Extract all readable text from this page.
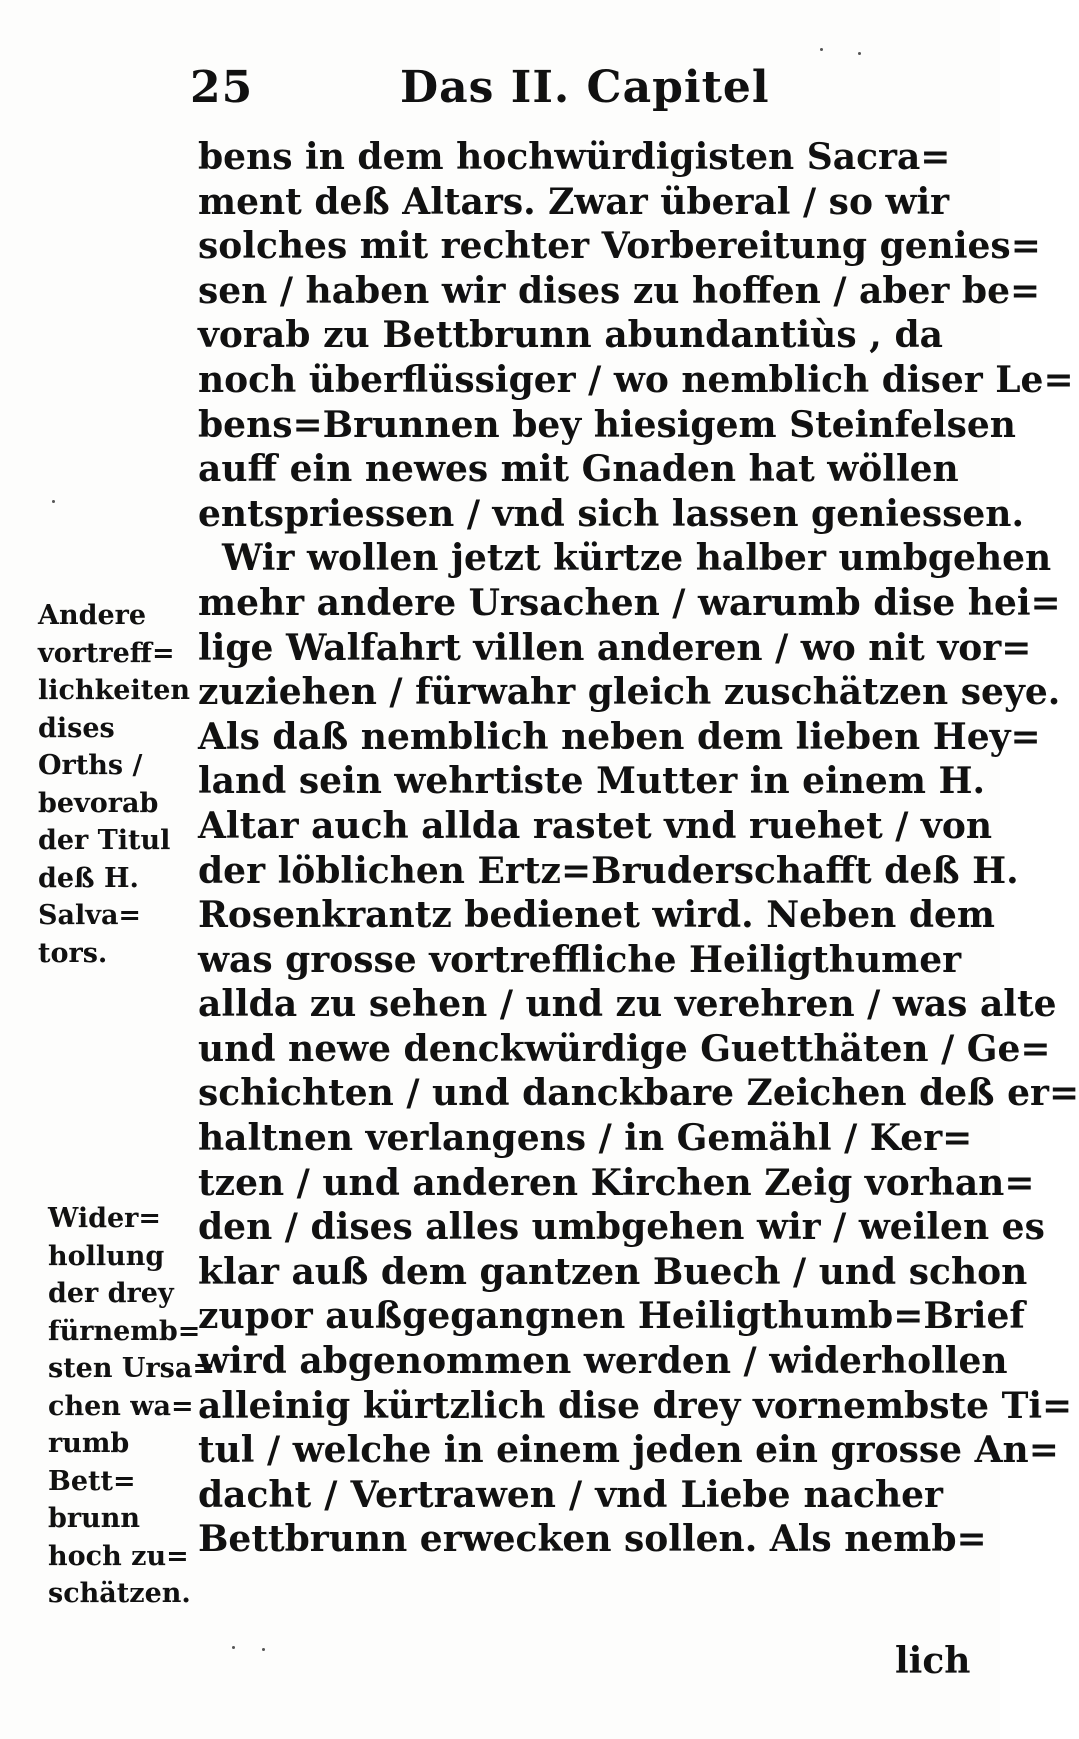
25	Das II. Capitel
bens in dem hochwürdigisten Sacra=
ment deß Altars. Zwar überal / so wir
solches mit rechter Vorbereitung genies=
sen / haben wir dises zu hoffen / aber be=
vorab zu Bettbrunn abundantiùs , da
noch überflüssiger / wo nemblich diser Le=
bens=Brunnen bey hiesigem Steinfelsen
auff ein newes mit Gnaden hat wöllen
entspriessen / vnd sich lassen geniessen.
Wir wollen jetzt kürtze halber umbgehen
mehr andere Ursachen / warumb dise hei=
lige Walfahrt villen anderen / wo nit vor=
zuziehen / fürwahr gleich zuschätzen seye.
Als daß nemblich neben dem lieben Hey=
land sein wehrtiste Mutter in einem H.
Altar auch allda rastet vnd ruehet / von
der löblichen Ertz=Bruderschafft deß H.
Rosenkrantz bedienet wird. Neben dem
was grosse vortreffliche Heiligthumer
allda zu sehen / und zu verehren / was alte
und newe denckwürdige Guetthäten / Ge=
schichten / und danckbare Zeichen deß er=
haltnen verlangens / in Gemähl / Ker=
tzen / und anderen Kirchen Zeig vorhan=
den / dises alles umbgehen wir / weilen es
klar auß dem gantzen Buech / und schon
zupor außgegangnen Heiligthumb=Brief
wird abgenommen werden / widerhollen
alleinig kürtzlich dise drey vornembste Ti=
tul / welche in einem jeden ein grosse An=
dacht / Vertrawen / vnd Liebe nacher
Bettbrunn erwecken sollen. Als nemb=
lich
Andere
vortreff=
lichkeiten
dises
Orths /
bevorab
der Titul
deß H.
Salva=
tors.
Wider=
hollung
der drey
fürnemb=
sten Ursa=
chen wa=
rumb
Bett=
brunn
hoch zu=
schätzen.
